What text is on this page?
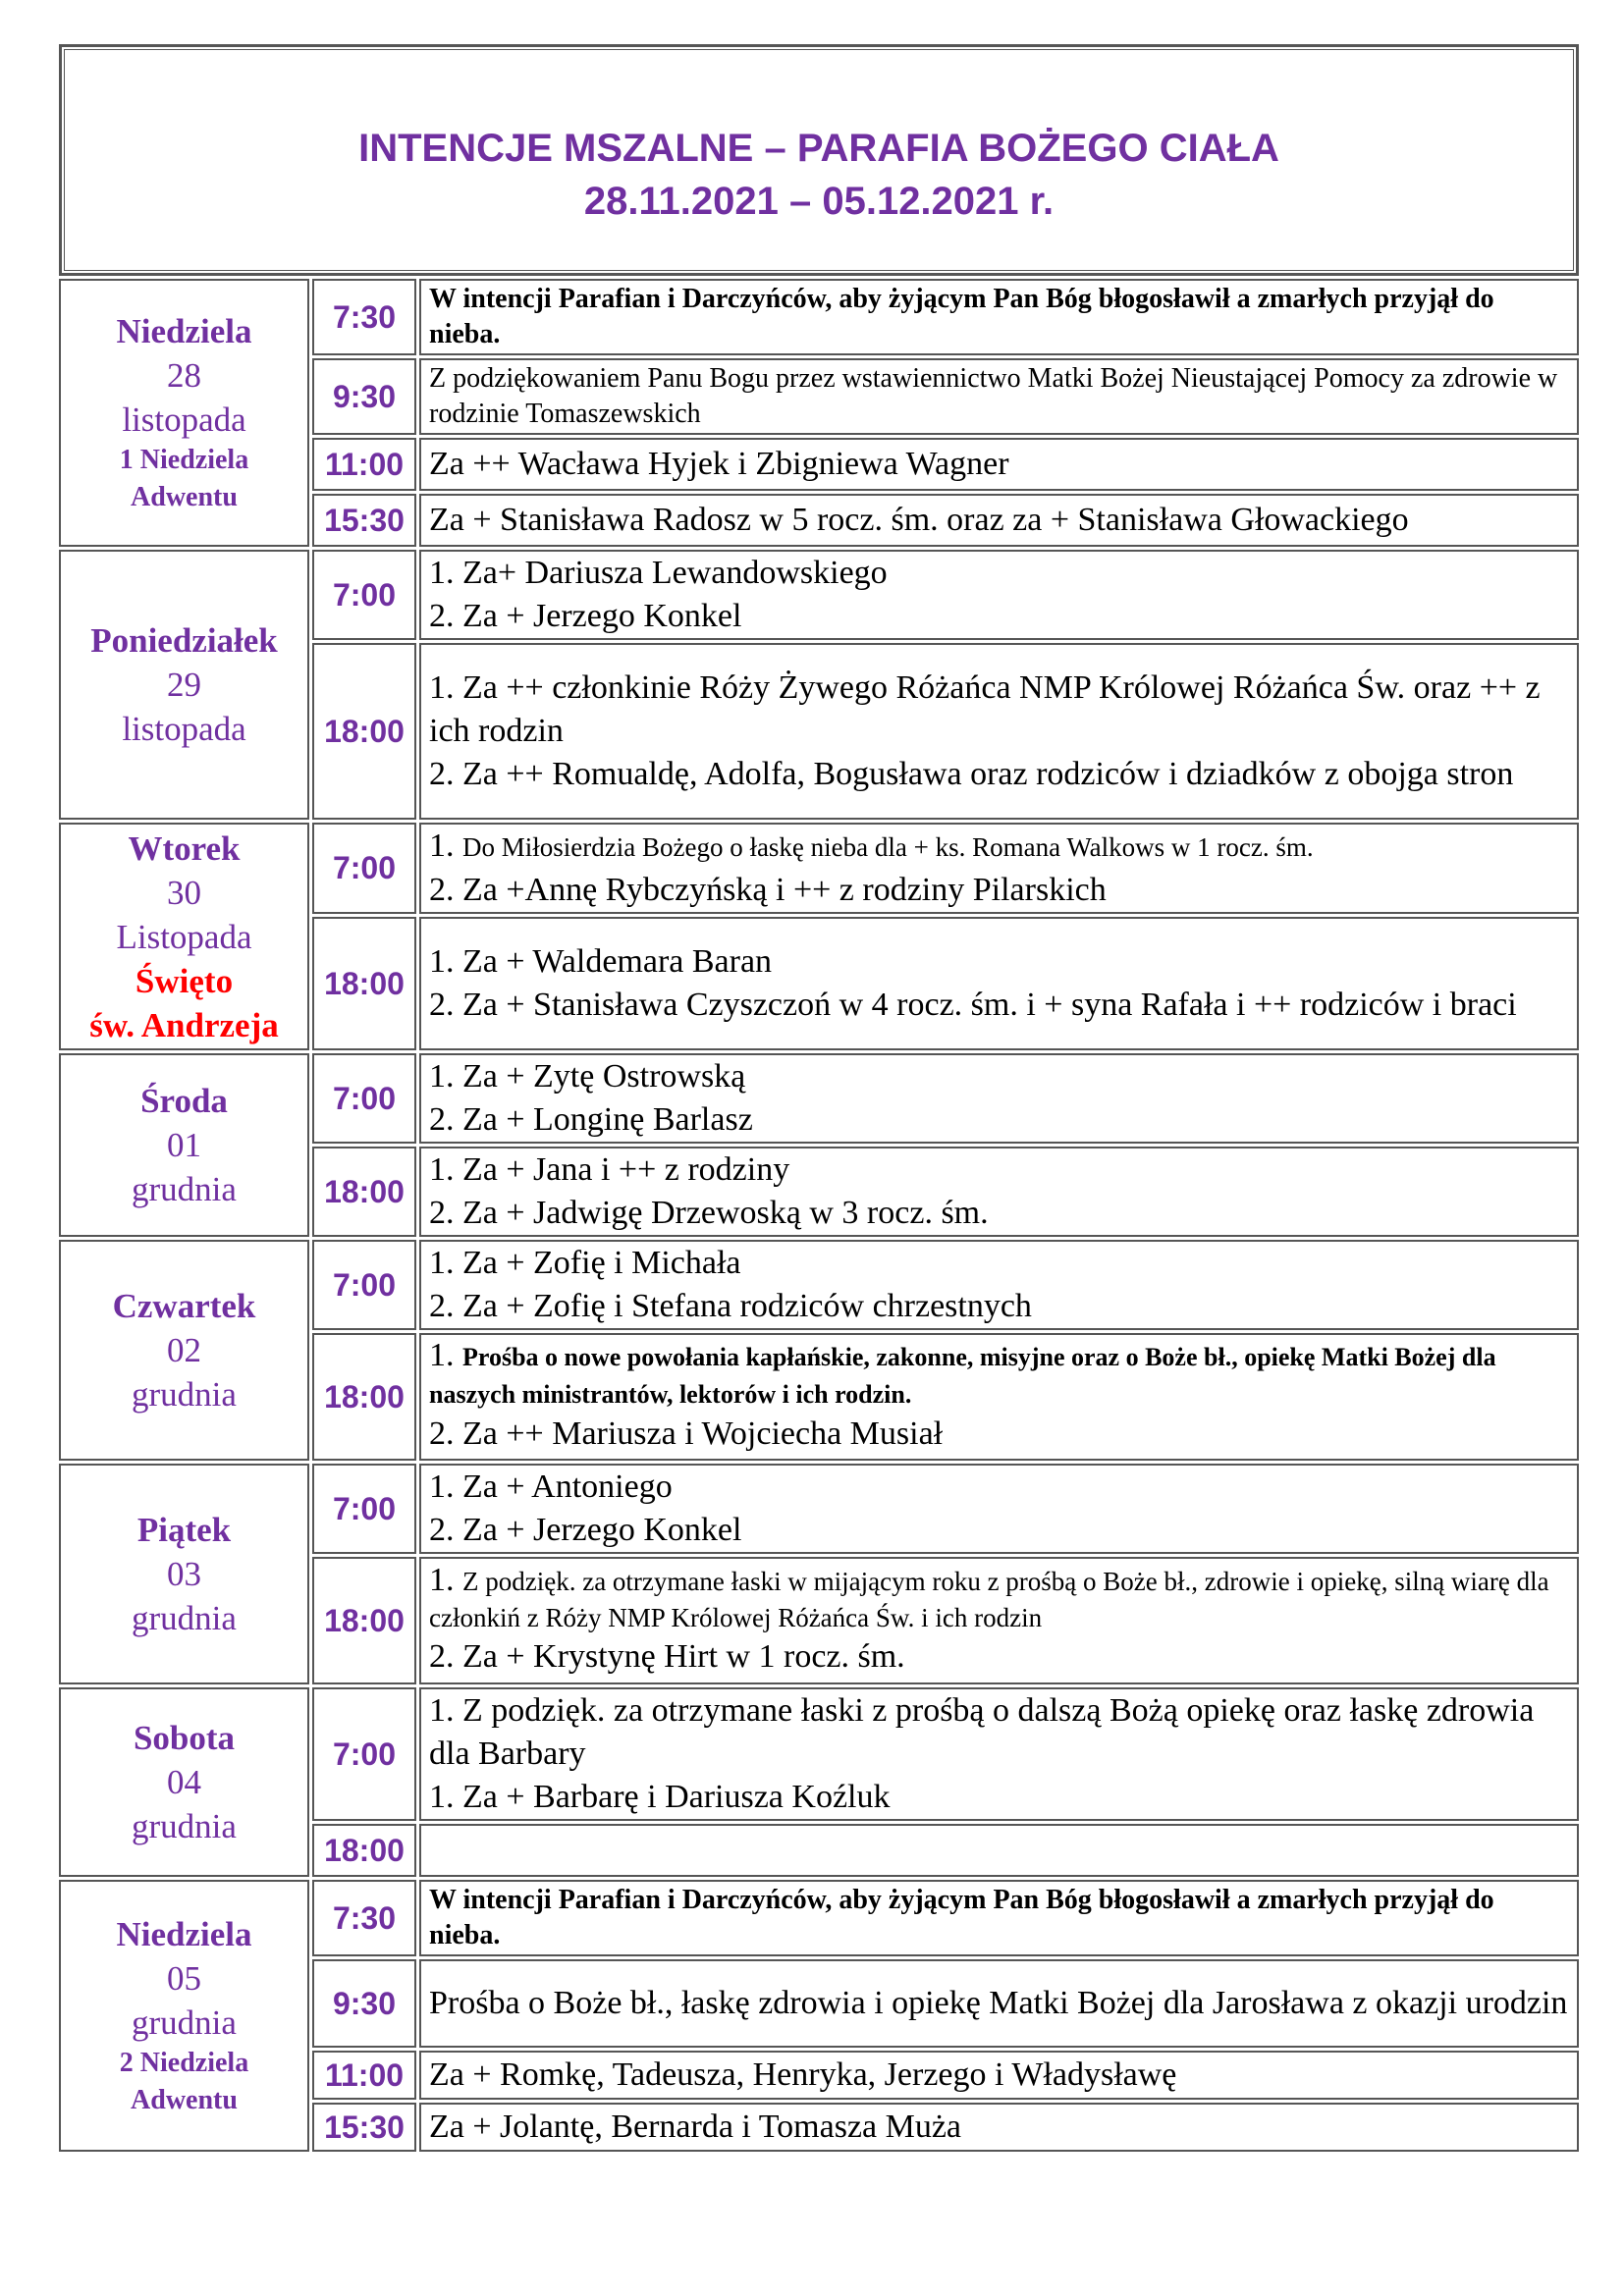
INTENCJE MSZALNE – PARAFIA BOŻEGO CIAŁA
28.11.2021 – 05.12.2021 r.
Niedziela
28
listopada
1 Niedziela
Adwentu	7:30	W intencji Parafian i Darczyńców, aby żyjącym Pan Bóg błogosławił a zmarłych przyjął do nieba.
	9:30	Z podziękowaniem Panu Bogu przez wstawiennictwo Matki Bożej Nieustającej Pomocy za zdrowie w rodzinie Tomaszewskich
	11:00	Za ++ Wacława Hyjek i Zbigniewa Wagner
	15:30	Za + Stanisława Radosz w 5 rocz. śm. oraz za + Stanisława Głowackiego

Poniedziałek
29
listopada	7:00	1. Za+ Dariusza Lewandowskiego
2. Za + Jerzego Konkel

	18:00	1. Za ++ członkinie Róży Żywego Różańca NMP Królowej Różańca Św. oraz ++ z ich rodzin
2. Za ++ Romualdę, Adolfa, Bogusława oraz rodziców i dziadków z obojga stron

Wtorek
30
Listopada
Święto
św. Andrzeja	7:00	1. Do Miłosierdzia Bożego o łaskę nieba dla + ks. Romana Walkows w 1 rocz. śm.
2. Za +Annę Rybczyńską i ++ z rodziny Pilarskich

	18:00	1. Za + Waldemara Baran
2. Za + Stanisława Czyszczoń w 4 rocz. śm. i + syna Rafała i ++ rodziców i braci

Środa
01
grudnia	7:00	1. Za + Zytę Ostrowską
2. Za + Longinę Barlasz

	18:00	1. Za + Jana i ++ z rodziny
2. Za + Jadwigę Drzewoską w 3 rocz. śm.

Czwartek
02
grudnia	7:00	1. Za + Zofię i Michała
2. Za + Zofię i Stefana rodziców chrzestnych

	18:00	1. Prośba o nowe powołania kapłańskie, zakonne, misyjne oraz o Boże bł., opiekę Matki Bożej dla naszych ministrantów, lektorów i ich rodzin.
2. Za ++ Mariusza i Wojciecha Musiał

Piątek
03
grudnia	7:00	1. Za + Antoniego
2. Za + Jerzego Konkel

	18:00	1. Z podzięk. za otrzymane łaski w mijającym roku z prośbą o Boże bł., zdrowie i opiekę, silną wiarę dla członkiń z Róży NMP Królowej Różańca Św. i ich rodzin
2. Za + Krystynę Hirt w 1 rocz. śm.

Sobota
04
grudnia	7:00	1. Z podzięk. za otrzymane łaski z prośbą o dalszą Bożą opiekę oraz łaskę zdrowia dla Barbary
1. Za + Barbarę i Dariusza Koźluk

	18:00	

Niedziela
05
grudnia
2 Niedziela
Adwentu	7:30	W intencji Parafian i Darczyńców, aby żyjącym Pan Bóg błogosławił a zmarłych przyjął do nieba.
	9:30	Prośba o Boże bł., łaskę zdrowia i opiekę Matki Bożej dla Jarosława z okazji urodzin
	11:00	Za + Romkę, Tadeusza, Henryka, Jerzego i Władysławę
	15:30	Za + Jolantę, Bernarda i Tomasza Muża
